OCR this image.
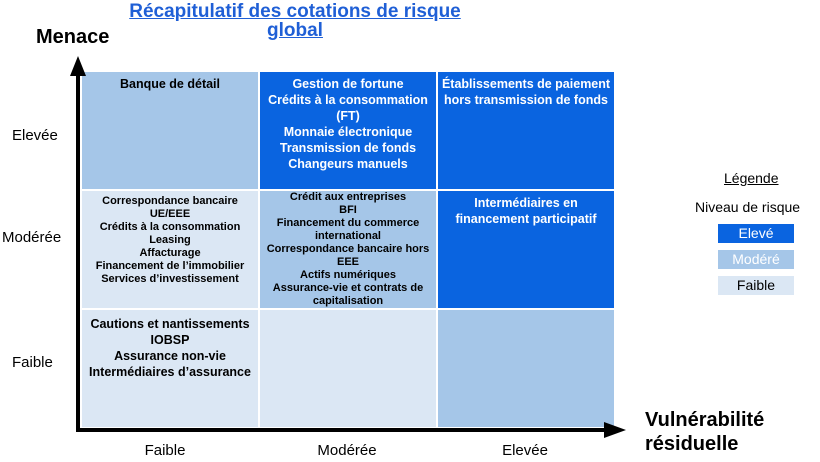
Récapitulatif des cotations de risque global
Menace
Vulnérabilité résiduelle
Banque de détail	Gestion de fortune
Crédits à la consommation
(FT)
Monnaie électronique
Transmission de fonds
Changeurs manuels
Établissements de paiement
hors transmission de fonds
Correspondance bancaire UE/EEE
Crédits à la consommation
Leasing
Affacturage
Financement de l’immobilier
Services d’investissement
Crédit aux entreprises
BFI
Financement du commerce
international
Correspondance bancaire hors EEE
Actifs numériques
Assurance-vie et contrats de
capitalisation
Intermédiaires en
financement participatif
Cautions et nantissements
IOBSP
Assurance non-vie
Intermédiaires d’assurance
Elevée
Modérée
Faible
Faible	Modérée	Elevée
Légende
Niveau de risque
Elevé
Modéré
Faible
